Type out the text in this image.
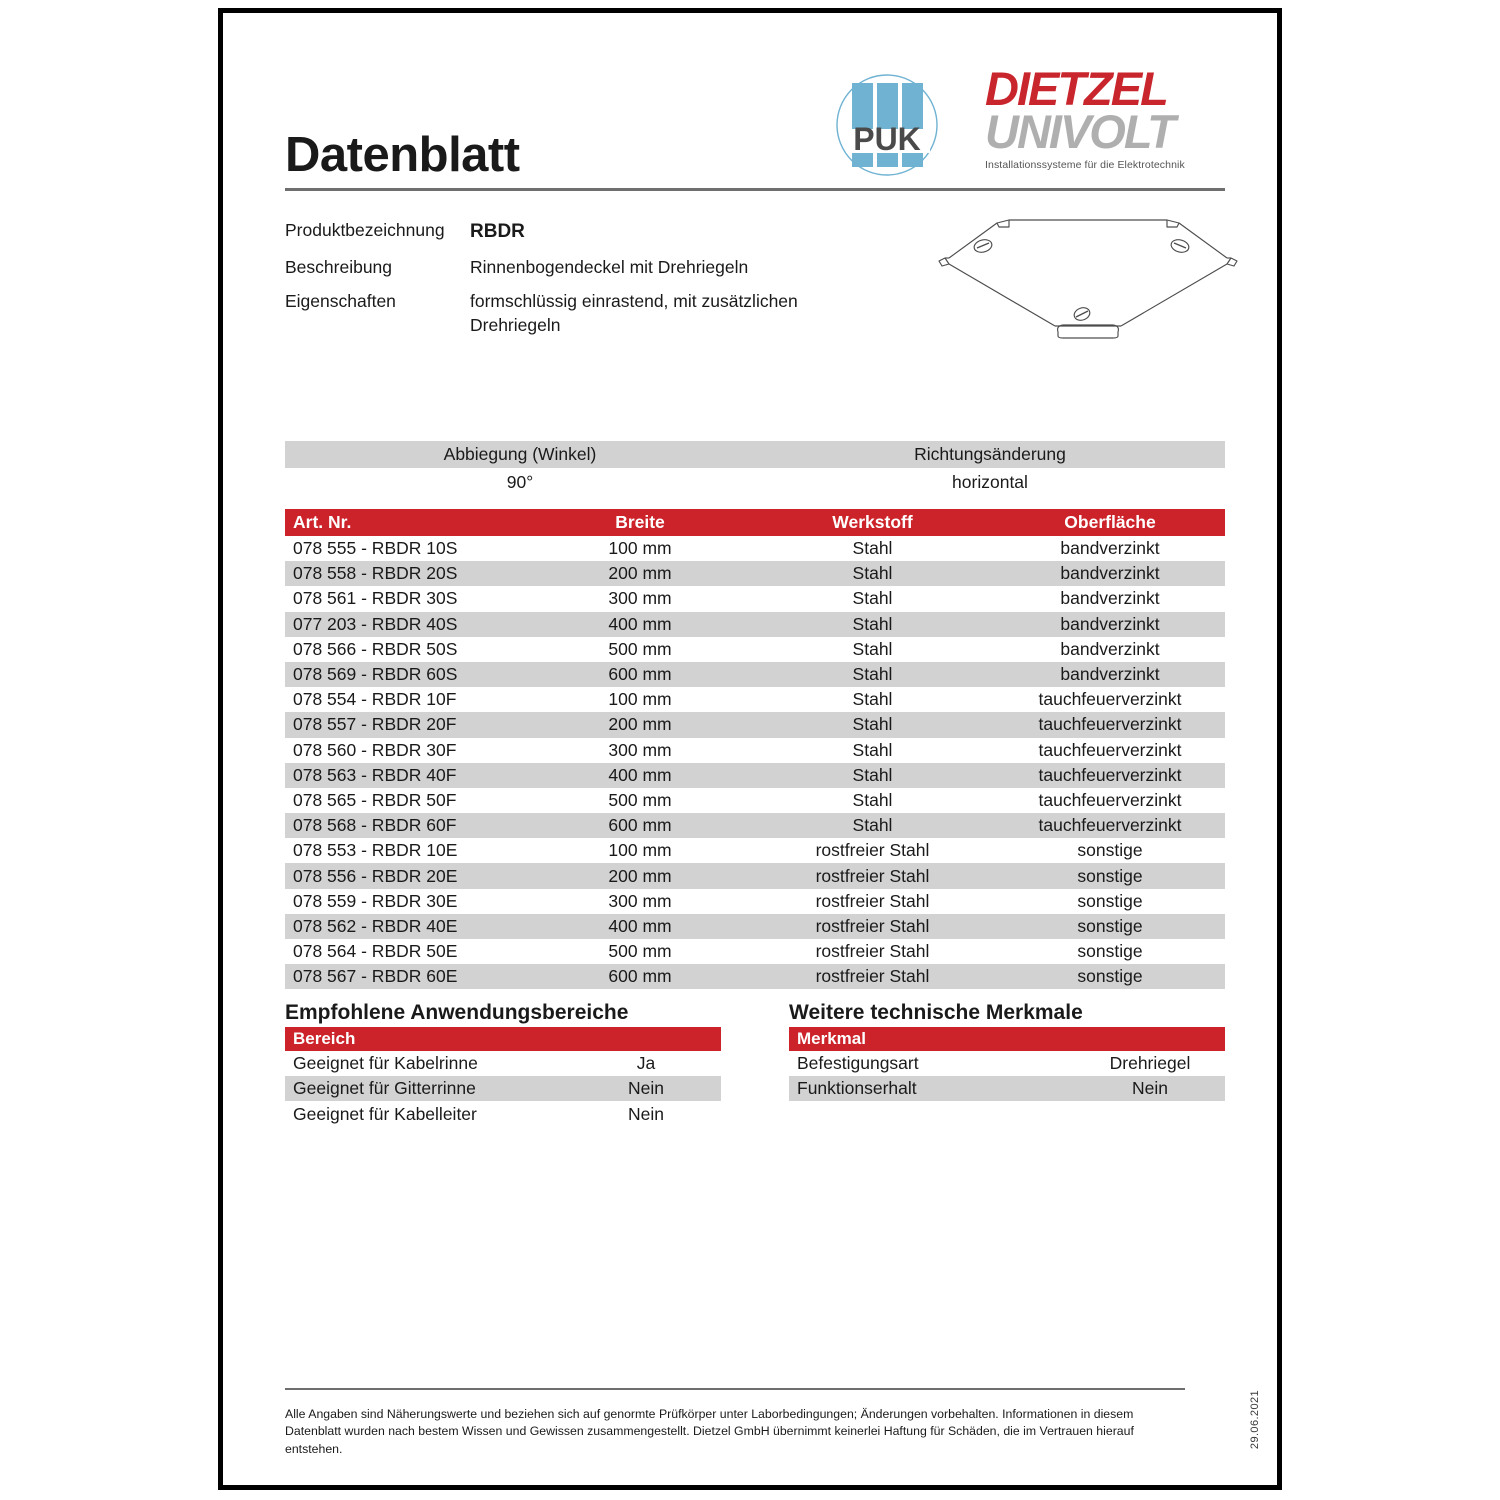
Datenblatt	PUK
DIETZEL
UNIVOLT
Installationssysteme für die Elektrotechnik
Produktbezeichnung	RBDR
Beschreibung	Rinnenbogendeckel mit Drehriegeln
Eigenschaften	formschlüssig einrastend, mit zusätzlichen Drehriegeln
Abbiegung (Winkel)	Richtungsänderung
90°	horizontal
Art. Nr.	Breite	Werkstoff	Oberfläche
078 555 - RBDR 10S	100 mm	Stahl	bandverzinkt
078 558 - RBDR 20S	200 mm	Stahl	bandverzinkt
078 561 - RBDR 30S	300 mm	Stahl	bandverzinkt
077 203 - RBDR 40S	400 mm	Stahl	bandverzinkt
078 566 - RBDR 50S	500 mm	Stahl	bandverzinkt
078 569 - RBDR 60S	600 mm	Stahl	bandverzinkt
078 554 - RBDR 10F	100 mm	Stahl	tauchfeuerverzinkt
078 557 - RBDR 20F	200 mm	Stahl	tauchfeuerverzinkt
078 560 - RBDR 30F	300 mm	Stahl	tauchfeuerverzinkt
078 563 - RBDR 40F	400 mm	Stahl	tauchfeuerverzinkt
078 565 - RBDR 50F	500 mm	Stahl	tauchfeuerverzinkt
078 568 - RBDR 60F	600 mm	Stahl	tauchfeuerverzinkt
078 553 - RBDR 10E	100 mm	rostfreier Stahl	sonstige
078 556 - RBDR 20E	200 mm	rostfreier Stahl	sonstige
078 559 - RBDR 30E	300 mm	rostfreier Stahl	sonstige
078 562 - RBDR 40E	400 mm	rostfreier Stahl	sonstige
078 564 - RBDR 50E	500 mm	rostfreier Stahl	sonstige
078 567 - RBDR 60E	600 mm	rostfreier Stahl	sonstige
Empfohlene Anwendungsbereiche
Bereich
Geeignet für Kabelrinne	Ja
Geeignet für Gitterrinne	Nein
Geeignet für Kabelleiter	Nein
Weitere technische Merkmale
Merkmal
Befestigungsart	Drehriegel
Funktionserhalt	Nein
Alle Angaben sind Näherungswerte und beziehen sich auf genormte Prüfkörper unter Laborbedingungen; Änderungen vorbehalten. Informationen in diesem Datenblatt wurden nach bestem Wissen und Gewissen zusammengestellt. Dietzel GmbH übernimmt keinerlei Haftung für Schäden, die im Vertrauen hierauf entstehen.
29.06.2021
